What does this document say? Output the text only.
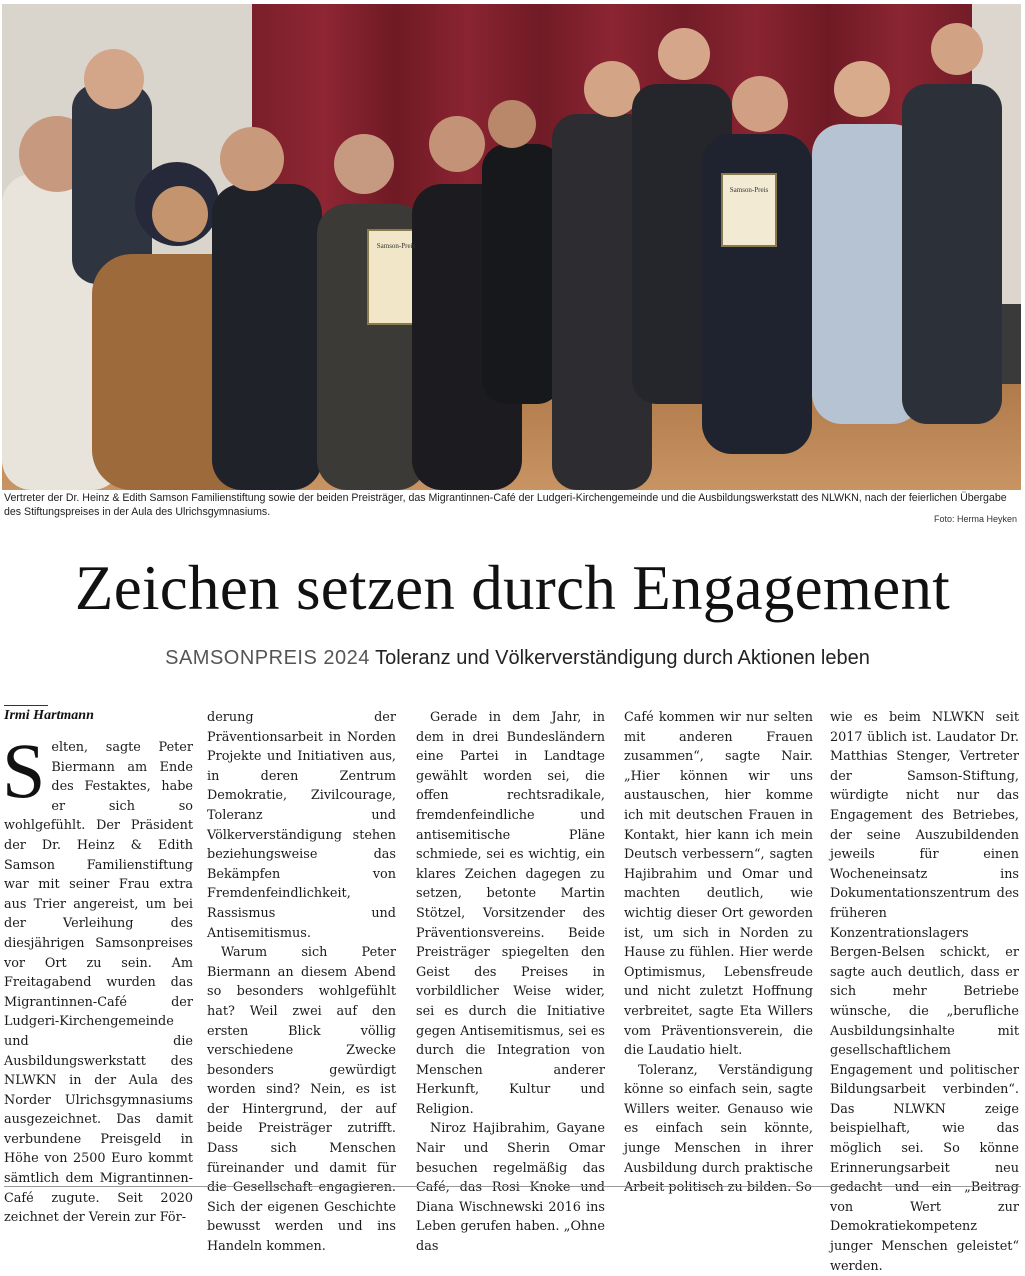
Samson-Preis
Samson-Preis
Vertreter der Dr. Heinz & Edith Samson Familienstiftung sowie der beiden Preisträger, das Migrantinnen-Café der Ludgeri-Kirchengemeinde und die Ausbildungswerkstatt des NLWKN, nach der feierlichen Übergabe des Stiftungspreises in der Aula des Ulrichsgymnasiums.
Foto: Herma Heyken
Zeichen setzen durch Engagement
SAMSONPREIS 2024 Toleranz und Völkerverständigung durch Aktionen leben
Irmi Hartmann

Selten, sagte Peter Biermann am Ende des Festaktes, habe er sich so wohlgefühlt. Der Präsident der Dr. Heinz & Edith Samson Familienstiftung war mit seiner Frau extra aus Trier angereist, um bei der Verleihung des diesjährigen Samsonpreises vor Ort zu sein. Am Freitagabend wurden das Migrantinnen-Café der Ludgeri-Kirchengemeinde und die Ausbildungswerkstatt des NLWKN in der Aula des Norder Ulrichsgymnasiums ausgezeichnet. Das damit verbundene Preisgeld in Höhe von 2500 Euro kommt sämtlich dem Migrantinnen-Café zugute. Seit 2020 zeichnet der Verein zur För-

derung der Präventionsarbeit in Norden Projekte und Initiativen aus, in deren Zentrum Demokratie, Zivilcourage, Toleranz und Völkerverständigung stehen beziehungsweise das Bekämpfen von Fremdenfeindlichkeit, Rassismus und Antisemitismus.

Warum sich Peter Biermann an diesem Abend so besonders wohlgefühlt hat? Weil zwei auf den ersten Blick völlig verschiedene Zwecke besonders gewürdigt worden sind? Nein, es ist der Hintergrund, der auf beide Preisträger zutrifft. Dass sich Menschen füreinander und damit für die Gesellschaft engagieren. Sich der eigenen Geschichte bewusst werden und ins Handeln kommen.

Gerade in dem Jahr, in dem in drei Bundesländern eine Partei in Landtage gewählt worden sei, die offen rechtsradikale, fremdenfeindliche und antisemitische Pläne schmiede, sei es wichtig, ein klares Zeichen dagegen zu setzen, betonte Martin Stötzel, Vorsitzender des Präventionsvereins. Beide Preisträger spiegelten den Geist des Preises in vorbildlicher Weise wider, sei es durch die Initiative gegen Antisemitismus, sei es durch die Integration von Menschen anderer Herkunft, Kultur und Religion.

Niroz Hajibrahim, Gayane Nair und Sherin Omar besuchen regelmäßig das Café, das Rosi Knoke und Diana Wischnewski 2016 ins Leben gerufen haben. „Ohne das

Café kommen wir nur selten mit anderen Frauen zusammen“, sagte Nair. „Hier können wir uns austauschen, hier komme ich mit deutschen Frauen in Kontakt, hier kann ich mein Deutsch verbessern“, sagten Hajibrahim und Omar und machten deutlich, wie wichtig dieser Ort geworden ist, um sich in Norden zu Hause zu fühlen. Hier werde Optimismus, Lebensfreude und nicht zuletzt Hoffnung verbreitet, sagte Eta Willers vom Präventionsverein, die die Laudatio hielt.

Toleranz, Verständigung könne so einfach sein, sagte Willers weiter. Genauso wie es einfach sein könnte, junge Menschen in ihrer Ausbildung durch praktische Arbeit politisch zu bilden. So

wie es beim NLWKN seit 2017 üblich ist. Laudator Dr. Matthias Stenger, Vertreter der Samson-Stiftung, würdigte nicht nur das Engagement des Betriebes, der seine Auszubildenden jeweils für einen Wocheneinsatz ins Dokumentationszentrum des früheren Konzentrationslagers Bergen-Belsen schickt, er sagte auch deutlich, dass er sich mehr Betriebe wünsche, die „berufliche Ausbildungsinhalte mit gesellschaftlichem Engagement und politischer Bildungsarbeit verbinden“. Das NLWKN zeige beispielhaft, wie das möglich sei. So könne Erinnerungsarbeit neu gedacht und ein „Beitrag von Wert zur Demokratiekompetenz junger Menschen geleistet“ werden.
